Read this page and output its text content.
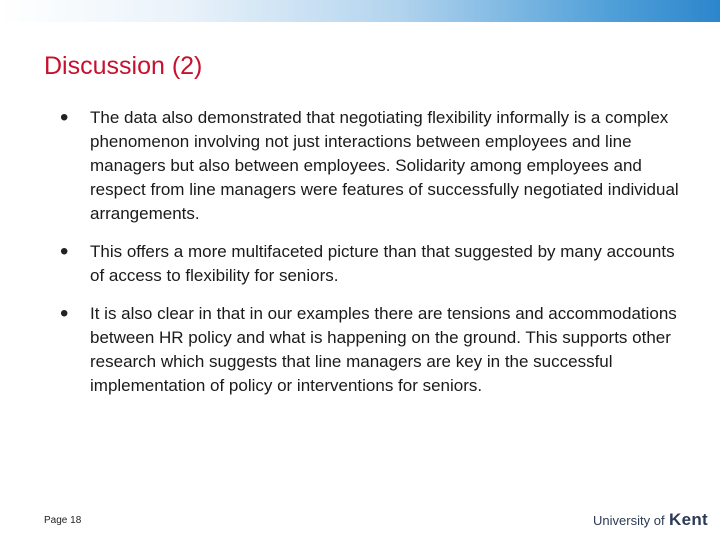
Discussion (2)
•	The data also demonstrated that negotiating flexibility informally is a complex phenomenon involving not just interactions between employees and line managers but also between employees. Solidarity among employees and respect from line managers were features of successfully negotiated individual arrangements.
•	This offers a more multifaceted picture than that suggested by many accounts of access to flexibility for seniors.
•	It is also clear in that in our examples there are tensions and accommodations between HR policy and what is happening on the ground. This supports other research which suggests that line managers are key in the successful implementation of policy or interventions for seniors.
Page 18	University of Kent
